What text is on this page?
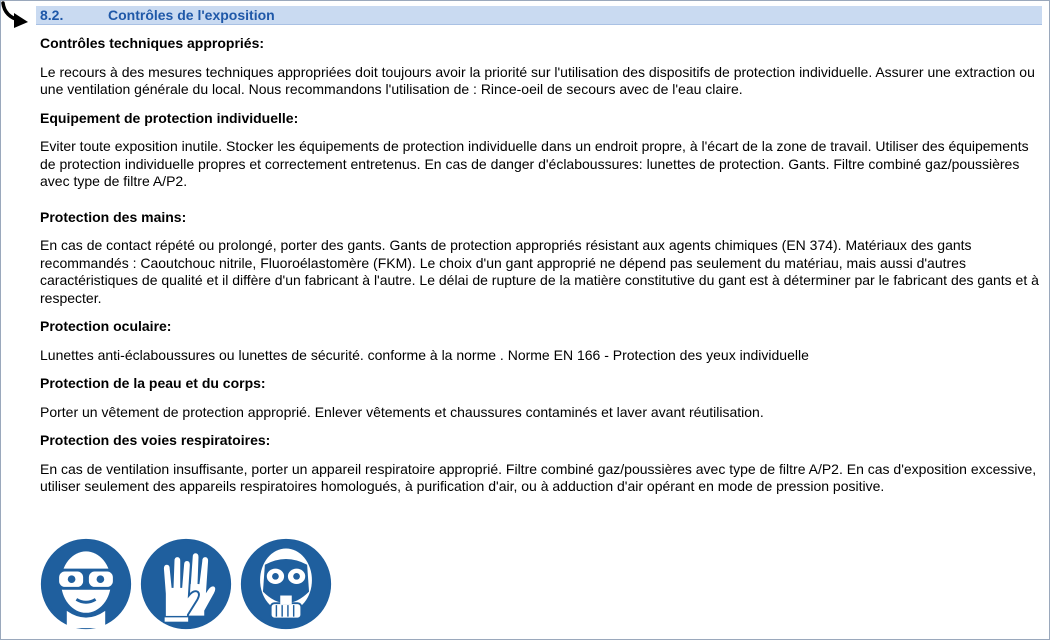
8.2.	Contrôles de l'exposition
Contrôles techniques appropriés:

Le recours à des mesures techniques appropriées doit toujours avoir la priorité sur l'utilisation des dispositifs de protection individuelle. Assurer une extraction ou une ventilation générale du local. Nous recommandons l'utilisation de : Rince-oeil de secours avec de l'eau claire.

Equipement de protection individuelle:

Eviter toute exposition inutile. Stocker les équipements de protection individuelle dans un endroit propre, à l'écart de la zone de travail. Utiliser des équipements de protection individuelle propres et correctement entretenus. En cas de danger d'éclaboussures: lunettes de protection. Gants. Filtre combiné gaz/poussières avec type de filtre A/P2.

Protection des mains:

En cas de contact répété ou prolongé, porter des gants. Gants de protection appropriés résistant aux agents chimiques (EN 374). Matériaux des gants recommandés : Caoutchouc nitrile, Fluoroélastomère (FKM). Le choix d'un gant approprié ne dépend pas seulement du matériau, mais aussi d'autres caractéristiques de qualité et il diffère d'un fabricant à l'autre. Le délai de rupture de la matière constitutive du gant est à déterminer par le fabricant des gants et à respecter.

Protection oculaire:

Lunettes anti-éclaboussures ou lunettes de sécurité. conforme à la norme . Norme EN 166 - Protection des yeux individuelle

Protection de la peau et du corps:

Porter un vêtement de protection approprié. Enlever vêtements et chaussures contaminés et laver avant réutilisation.

Protection des voies respiratoires:

En cas de ventilation insuffisante, porter un appareil respiratoire approprié. Filtre combiné gaz/poussières avec type de filtre A/P2. En cas d'exposition excessive, utiliser seulement des appareils respiratoires homologués, à purification d'air, ou à adduction d'air opérant en mode de pression positive.
